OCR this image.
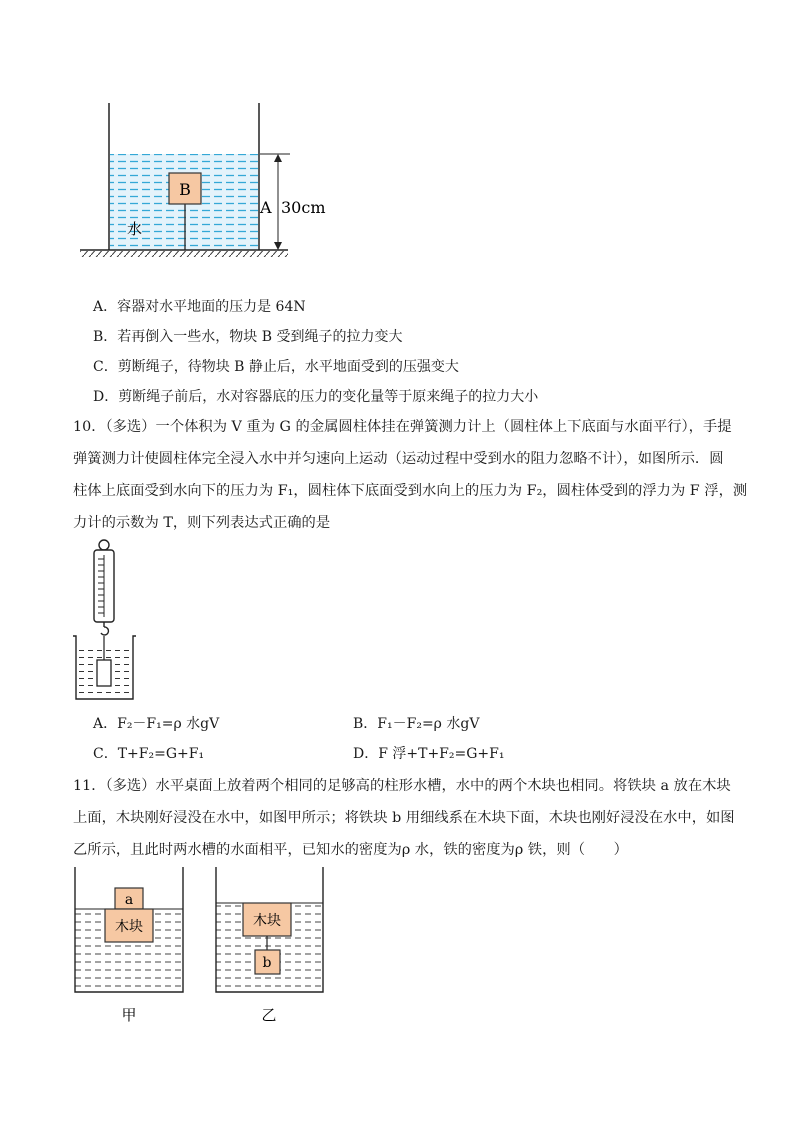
B
水
A 30cm
A．容器对水平地面的压力是 64N
B．若再倒入一些水，物块 B 受到绳子的拉力变大
C．剪断绳子，待物块 B 静止后，水平地面受到的压强变大
D．剪断绳子前后，水对容器底的压力的变化量等于原来绳子的拉力大小
10．（多选）一个体积为 V 重为 G 的金属圆柱体挂在弹簧测力计上（圆柱体上下底面与水面平行），手提
弹簧测力计使圆柱体完全浸入水中并匀速向上运动（运动过程中受到水的阻力忽略不计），如图所示．圆
柱体上底面受到水向下的压力为 F₁，圆柱体下底面受到水向上的压力为 F₂，圆柱体受到的浮力为 F 浮，测
力计的示数为 T，则下列表达式正确的是
A．F₂－F₁=ρ 水gV	B．F₁－F₂=ρ 水gV
C．T+F₂=G+F₁	D．F 浮+T+F₂=G+F₁
11．（多选）水平桌面上放着两个相同的足够高的柱形水槽，水中的两个木块也相同。将铁块 a 放在木块
上面，木块刚好浸没在水中，如图甲所示；将铁块 b 用细线系在木块下面，木块也刚好浸没在水中，如图
乙所示，且此时两水槽的水面相平，已知水的密度为ρ 水，铁的密度为ρ 铁，则（　　）
a
木块	木块
b
甲	乙
